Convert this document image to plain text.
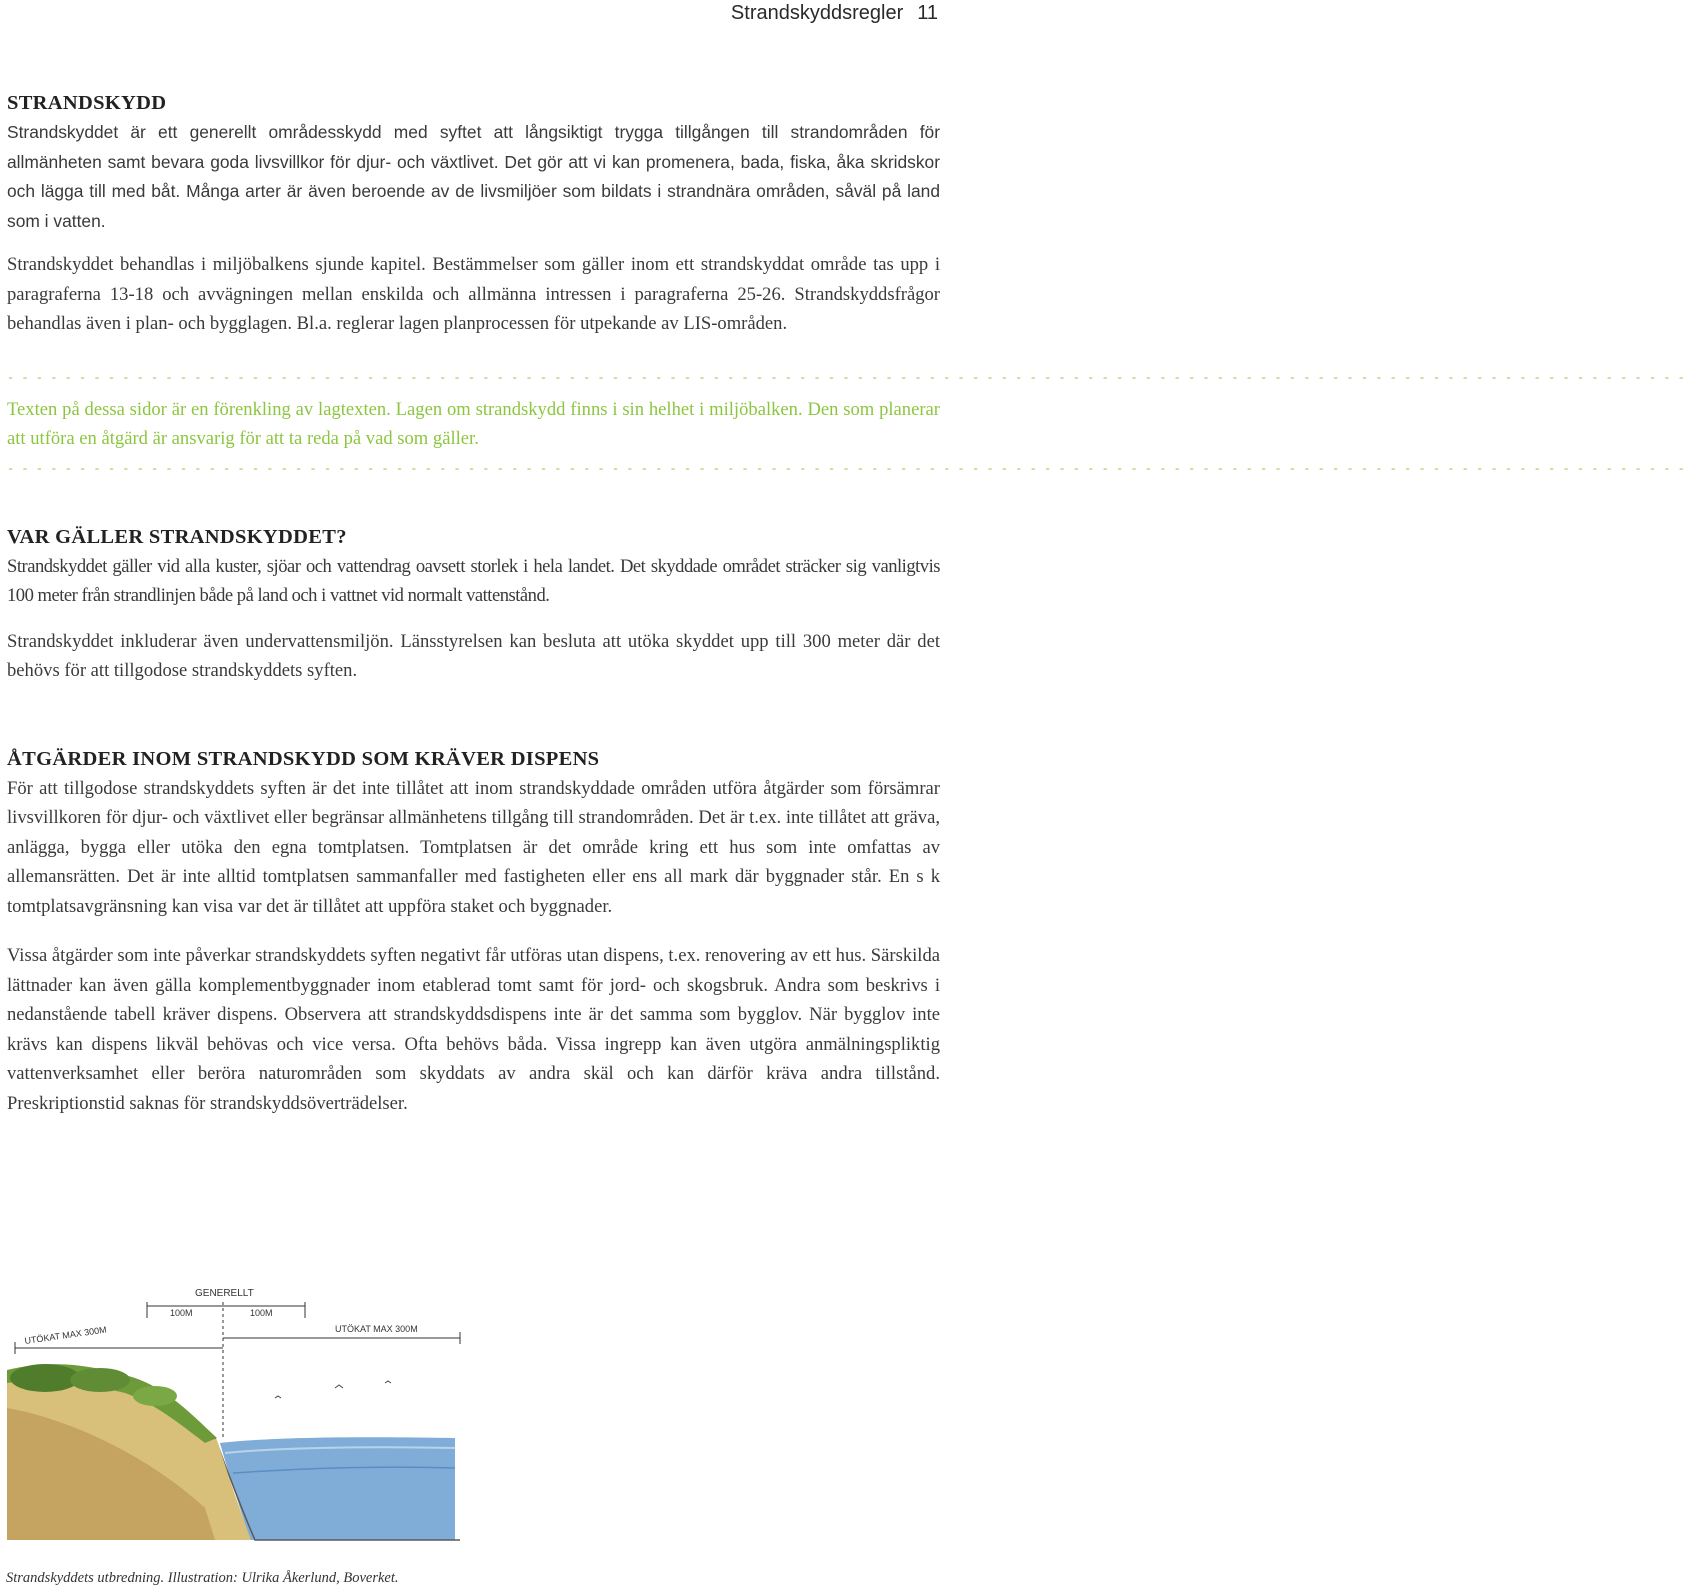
Strandskyddsregler 11
STRANDSKYDD

Strandskyddet är ett generellt områdesskydd med syftet att långsiktigt trygga tillgången till strandområden för allmänheten samt bevara goda livsvillkor för djur- och växtlivet. Det gör att vi kan promenera, bada, fiska, åka skridskor och lägga till med båt. Många arter är även beroende av de livsmiljöer som bildats i strandnära områden, såväl på land som i vatten.

Strandskyddet behandlas i miljöbalkens sjunde kapitel. Bestämmelser som gäller inom ett strandskyddat område tas upp i paragraferna 13-18 och avvägningen mellan enskilda och allmänna intressen i paragraferna 25-26. Strandskyddsfrågor behandlas även i plan- och bygglagen. Bl.a. reglerar lagen planprocessen för utpekande av LIS-områden.

- - - - - - - - - - - - - - - - - - - - - - - - - - - - - - - - - - - - - - - - - - - - - - - - - - - - - - - - - - - - - - - - - - - - - - - - - - - - - - - - - - - - - - - - - - - - - - - - - - - - - - - - - - - - - - - - - - - - -

Texten på dessa sidor är en förenkling av lagtexten. Lagen om strandskydd finns i sin helhet i miljöbalken. Den som planerar att utföra en åtgärd är ansvarig för att ta reda på vad som gäller.

- - - - - - - - - - - - - - - - - - - - - - - - - - - - - - - - - - - - - - - - - - - - - - - - - - - - - - - - - - - - - - - - - - - - - - - - - - - - - - - - - - - - - - - - - - - - - - - - - - - - - - - - - - - - - - - - - - - - -
VAR GÄLLER STRANDSKYDDET?

Strandskyddet gäller vid alla kuster, sjöar och vattendrag oavsett storlek i hela landet. Det skyddade området sträcker sig vanligtvis 100 meter från strandlinjen både på land och i vattnet vid normalt vattenstånd.

Strandskyddet inkluderar även undervattensmiljön. Länsstyrelsen kan besluta att utöka skyddet upp till 300 meter där det behövs för att tillgodose strandskyddets syften.

ÅTGÄRDER INOM STRANDSKYDD SOM KRÄVER DISPENS

För att tillgodose strandskyddets syften är det inte tillåtet att inom strandskyddade områden utföra åtgärder som försämrar livsvillkoren för djur- och växtlivet eller begränsar allmänhetens tillgång till strandområden. Det är t.ex. inte tillåtet att gräva, anlägga, bygga eller utöka den egna tomtplatsen. Tomtplatsen är det område kring ett hus som inte omfattas av allemansrätten. Det är inte alltid tomtplatsen sammanfaller med fastigheten eller ens all mark där byggnader står. En s k tomtplatsavgränsning kan visa var det är tillåtet att uppföra staket och byggnader.

Vissa åtgärder som inte påverkar strandskyddets syften negativt får utföras utan dispens, t.ex. renovering av ett hus. Särskilda lättnader kan även gälla komplementbyggnader inom etablerad tomt samt för jord- och skogsbruk. Andra som beskrivs i nedanstående tabell kräver dispens. Observera att strandskyddsdispens inte är det samma som bygglov. När bygglov inte krävs kan dispens likväl behövas och vice versa. Ofta behövs båda. Vissa ingrepp kan även utgöra anmälningspliktig vattenverksamhet eller beröra naturområden som skyddats av andra skäl och kan därför kräva andra tillstånd. Preskriptionstid saknas för strandskyddsöverträdelser.

GENERELLT
100M	100M
UTÖKAT MAX 300M	UTÖKAT MAX 300M
Strandskyddets utbredning. Illustration: Ulrika Åkerlund, Boverket.
